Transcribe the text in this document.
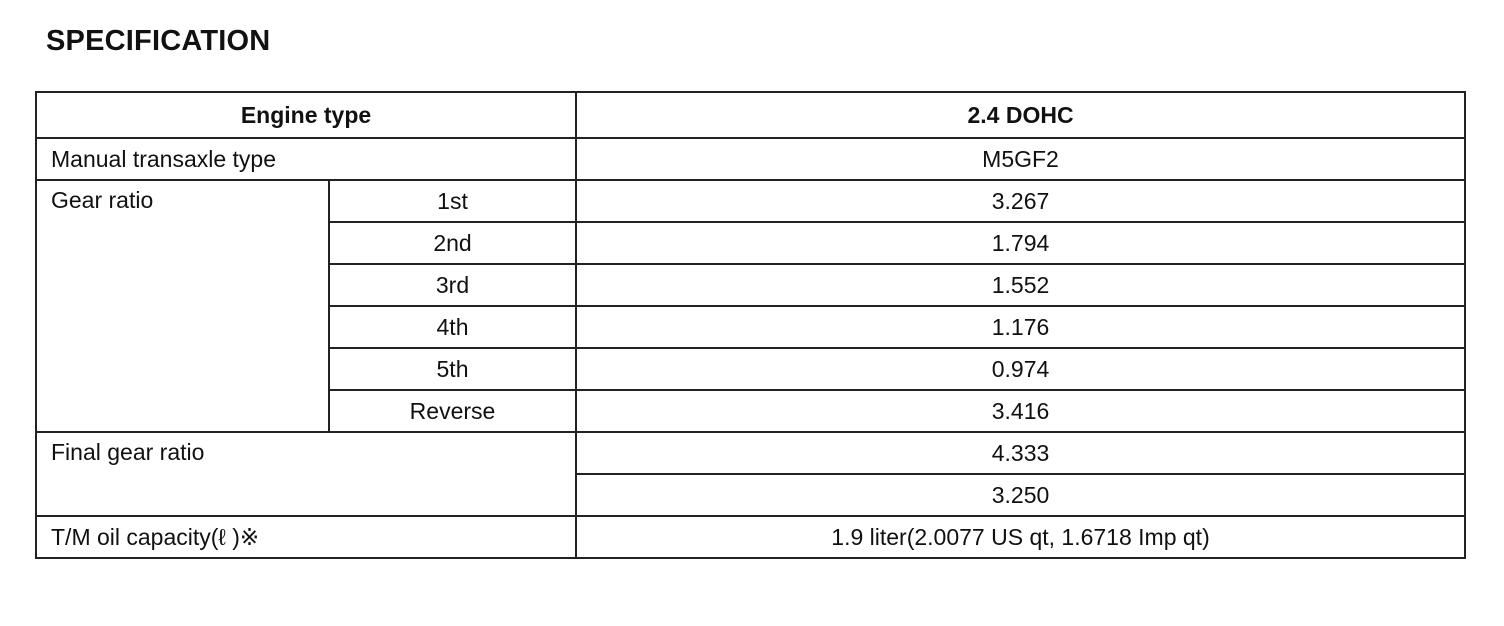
SPECIFICATION
Engine type		2.4 DOHC
Manual transaxle type		M5GF2
Gear ratio	1st	3.267
	2nd	1.794
	3rd	1.552
	4th	1.176
	5th	0.974
	Reverse	3.416
Final gear ratio		4.333
		3.250
T/M oil capacity(ℓ )※		1.9 liter(2.0077 US qt, 1.6718 Imp qt)
